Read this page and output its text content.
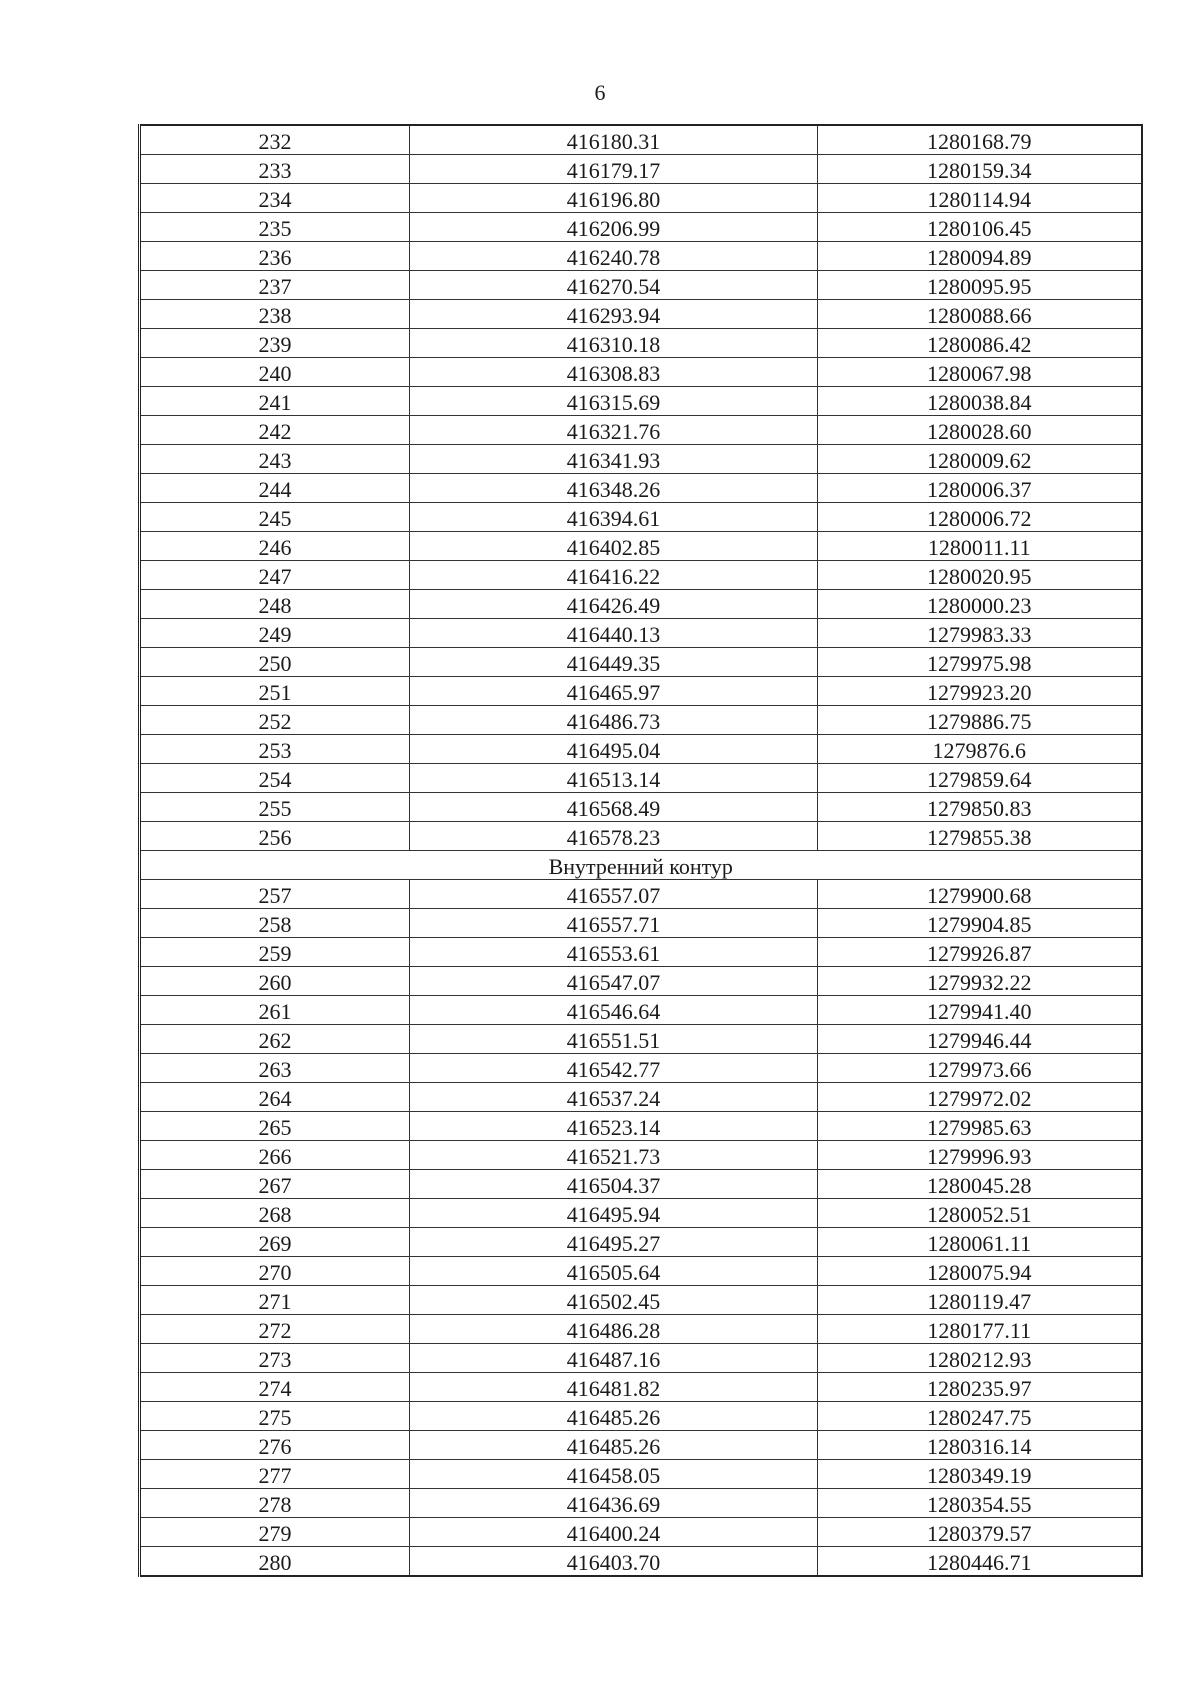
6
232	416180.31	1280168.79
233	416179.17	1280159.34
234	416196.80	1280114.94
235	416206.99	1280106.45
236	416240.78	1280094.89
237	416270.54	1280095.95
238	416293.94	1280088.66
239	416310.18	1280086.42
240	416308.83	1280067.98
241	416315.69	1280038.84
242	416321.76	1280028.60
243	416341.93	1280009.62
244	416348.26	1280006.37
245	416394.61	1280006.72
246	416402.85	1280011.11
247	416416.22	1280020.95
248	416426.49	1280000.23
249	416440.13	1279983.33
250	416449.35	1279975.98
251	416465.97	1279923.20
252	416486.73	1279886.75
253	416495.04	1279876.6
254	416513.14	1279859.64
255	416568.49	1279850.83
256	416578.23	1279855.38
Внутренний контур		
257	416557.07	1279900.68
258	416557.71	1279904.85
259	416553.61	1279926.87
260	416547.07	1279932.22
261	416546.64	1279941.40
262	416551.51	1279946.44
263	416542.77	1279973.66
264	416537.24	1279972.02
265	416523.14	1279985.63
266	416521.73	1279996.93
267	416504.37	1280045.28
268	416495.94	1280052.51
269	416495.27	1280061.11
270	416505.64	1280075.94
271	416502.45	1280119.47
272	416486.28	1280177.11
273	416487.16	1280212.93
274	416481.82	1280235.97
275	416485.26	1280247.75
276	416485.26	1280316.14
277	416458.05	1280349.19
278	416436.69	1280354.55
279	416400.24	1280379.57
280	416403.70	1280446.71
